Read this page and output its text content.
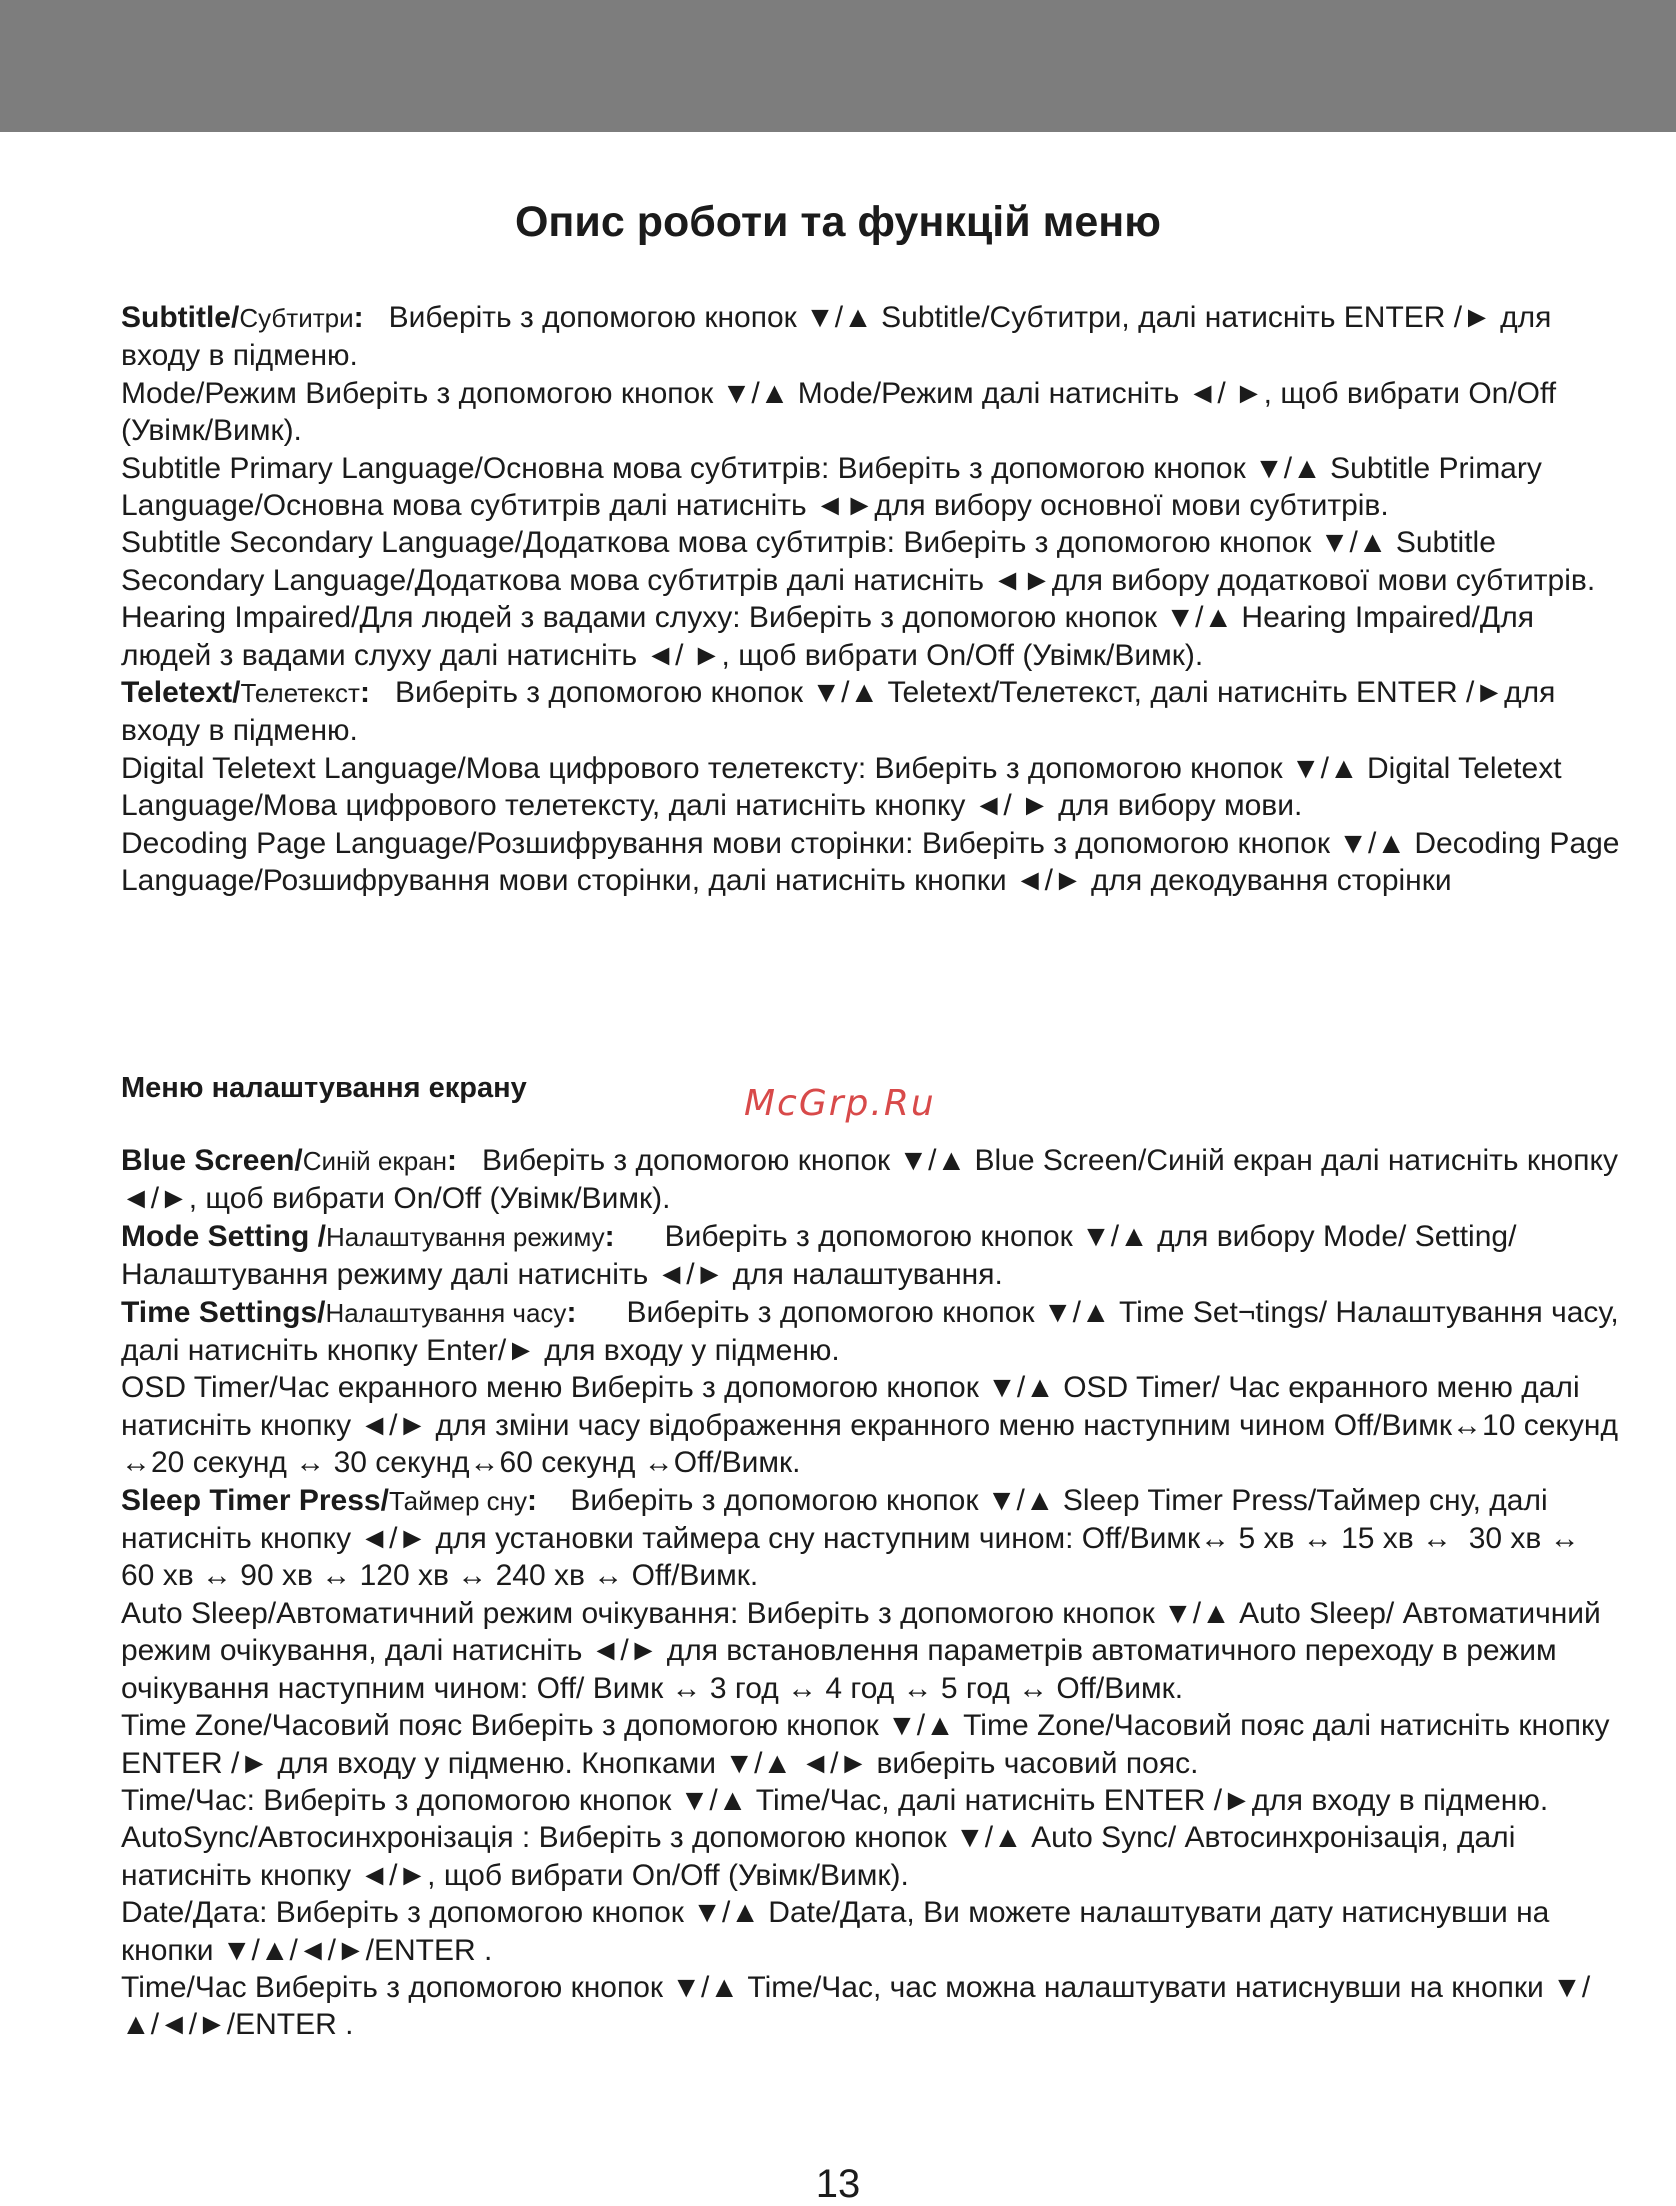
Опис роботи та функцій меню

Subtitle/Субтитри:   Виберіть з допомогою кнопок ▼/▲ Subtitle/Субтитри, далі натисніть ENTER /► для входу в підменю.

Mode/Режим Виберіть з допомогою кнопок ▼/▲ Mode/Режим далі натисніть ◄/ ►, щоб вибрати On/Off (Увімк/Вимк).

Subtitle Primary Language/Основна мова субтитрів: Виберіть з допомогою кнопок ▼/▲ Subtitle Primary Language/Основна мова субтитрів далі натисніть ◄►для вибору основної мови субтитрів.

Subtitle Secondary Language/Додаткова мова субтитрів: Виберіть з допомогою кнопок ▼/▲ Subtitle Secondary Language/Додаткова мова субтитрів далі натисніть ◄►для вибору додаткової мови субтитрів.

Hearing Impaired/Для людей з вадами слуху: Виберіть з допомогою кнопок ▼/▲ Hearing Impaired/Для людей з вадами слуху далі натисніть ◄/ ►, щоб вибрати On/Off (Увімк/Вимк).

Teletext/Телетекст:   Виберіть з допомогою кнопок ▼/▲ Teletext/Телетекст, далі натисніть ENTER /►для входу в підменю.

Digital Teletext Language/Мова цифрового телетексту: Виберіть з допомогою кнопок ▼/▲ Digital Teletext Language/Мова цифрового телетексту, далі натисніть кнопку ◄/ ► для вибору мови.

Decoding Page Language/Розшифрування мови сторінки: Виберіть з допомогою кнопок ▼/▲ Decoding Page Language/Розшифрування мови сторінки, далі натисніть кнопки ◄/► для декодування сторінки

Меню налаштування екрану	McGrp.Ru

Blue Screen/Синій екран:   Виберіть з допомогою кнопок ▼/▲ Blue Screen/Синій екран далі натисніть кнопку ◄/►, щоб вибрати On/Off (Увімк/Вимк).

Mode Setting /Налаштування режиму:      Виберіть з допомогою кнопок ▼/▲ для вибору Mode/ Setting/ Налаштування режиму далі натисніть ◄/► для налаштування.

Time Settings/Налаштування часу:      Виберіть з допомогою кнопок ▼/▲ Time Set¬tings/ Налаштування часу, далі натисніть кнопку Enter/► для входу у підменю.

OSD Timer/Час екранного меню Виберіть з допомогою кнопок ▼/▲ OSD Timer/ Час екранного меню далі натисніть кнопку ◄/► для зміни часу відображення екранного меню наступним чином Off/Вимк↔10 секунд ↔20 секунд ↔ 30 секунд↔60 секунд ↔Off/Вимк.

Sleep Timer Press/Таймер сну:    Виберіть з допомогою кнопок ▼/▲ Sleep Timer Press/Таймер сну, далі натисніть кнопку ◄/► для установки таймера сну наступним чином: Off/Вимк↔ 5 хв ↔ 15 хв ↔  30 хв ↔ 60 хв ↔ 90 хв ↔ 120 хв ↔ 240 хв ↔ Off/Вимк.

Auto Sleep/Автоматичний режим очікування: Виберіть з допомогою кнопок ▼/▲ Auto Sleep/ Автоматичний режим очікування, далі натисніть ◄/► для встановлення параметрів автоматичного переходу в режим очікування наступним чином: Off/ Вимк ↔ 3 год ↔ 4 год ↔ 5 год ↔ Off/Вимк.

Time Zone/Часовий пояс Виберіть з допомогою кнопок ▼/▲ Time Zone/Часовий пояс далі натисніть кнопку ENTER /► для входу у підменю. Кнопками ▼/▲ ◄/► виберіть часовий пояс.

Time/Час: Виберіть з допомогою кнопок ▼/▲ Time/Час, далі натисніть ENTER /►для входу в підменю.

AutoSync/Автосинхронізація : Виберіть з допомогою кнопок ▼/▲ Auto Sync/ Автосинхронізація, далі натисніть кнопку ◄/►, щоб вибрати On/Off (Увімк/Вимк).

Date/Дата: Виберіть з допомогою кнопок ▼/▲ Date/Дата, Ви можете налаштувати дату натиснувши на кнопки ▼/▲/◄/►/ENTER .

Time/Час Виберіть з допомогою кнопок ▼/▲ Time/Час, час можна налаштувати натиснувши на кнопки ▼/▲/◄/►/ENTER .

13
